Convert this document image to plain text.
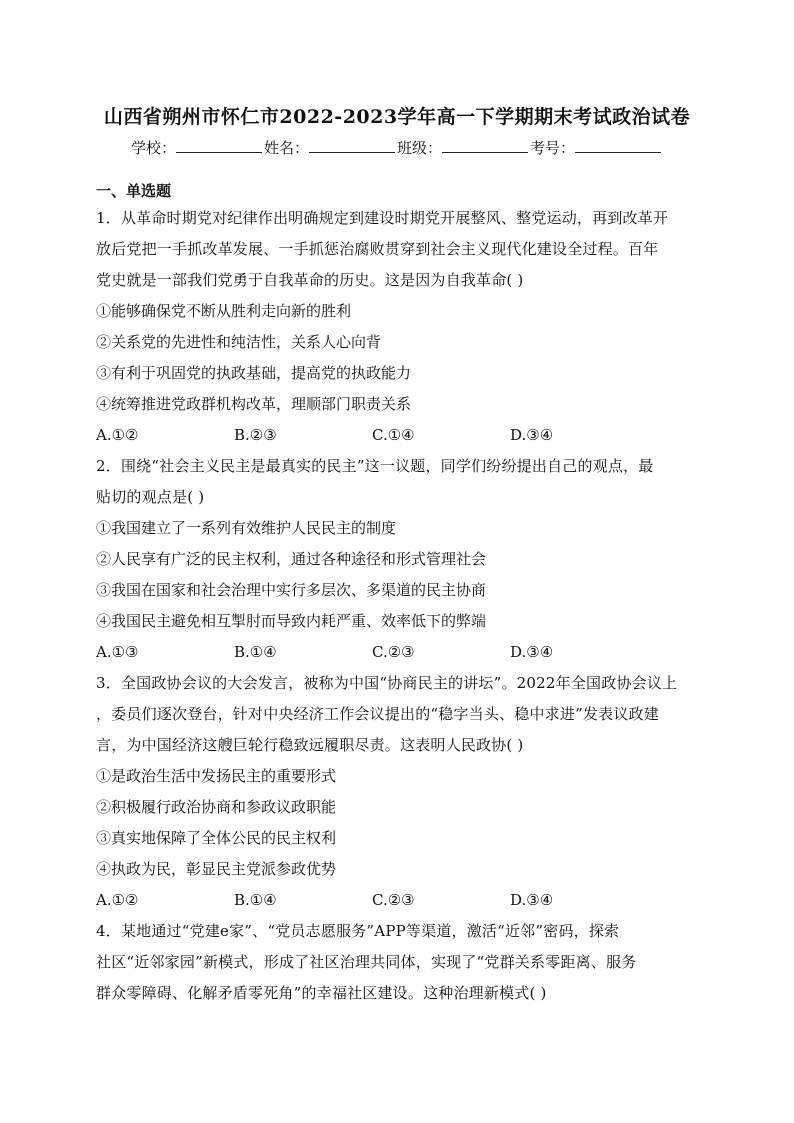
山西省朔州市怀仁市2022-2023学年高一下学期期末考试政治试卷
学校：	姓名：	班级：	考号：
一、单选题
1．从革命时期党对纪律作出明确规定到建设时期党开展整风、整党运动，再到改革开
放后党把一手抓改革发展、一手抓惩治腐败贯穿到社会主义现代化建设全过程。百年
党史就是一部我们党勇于自我革命的历史。这是因为自我革命( )
①能够确保党不断从胜利走向新的胜利
②关系党的先进性和纯洁性，关系人心向背
③有利于巩固党的执政基础，提高党的执政能力
④统筹推进党政群机构改革，理顺部门职责关系
A.①②	B.②③	C.①④	D.③④
2．围绕“社会主义民主是最真实的民主”这一议题，同学们纷纷提出自己的观点，最
贴切的观点是( )
①我国建立了一系列有效维护人民民主的制度
②人民享有广泛的民主权利，通过各种途径和形式管理社会
③我国在国家和社会治理中实行多层次、多渠道的民主协商
④我国民主避免相互掣肘而导致内耗严重、效率低下的弊端
A.①③	B.①④	C.②③	D.③④
3．全国政协会议的大会发言，被称为中国“协商民主的讲坛”。2022年全国政协会议上
，委员们逐次登台，针对中央经济工作会议提出的“稳字当头、稳中求进”发表议政建
言，为中国经济这艘巨轮行稳致远履职尽责。这表明人民政协( )
①是政治生活中发扬民主的重要形式
②积极履行政治协商和参政议政职能
③真实地保障了全体公民的民主权利
④执政为民，彰显民主党派参政优势
A.①②	B.①④	C.②③	D.③④
4．某地通过“党建e家”、“党员志愿服务”APP等渠道，激活“近邻”密码，探索
社区“近邻家园”新模式，形成了社区治理共同体，实现了“党群关系零距离、服务
群众零障碍、化解矛盾零死角”的幸福社区建设。这种治理新模式( )
